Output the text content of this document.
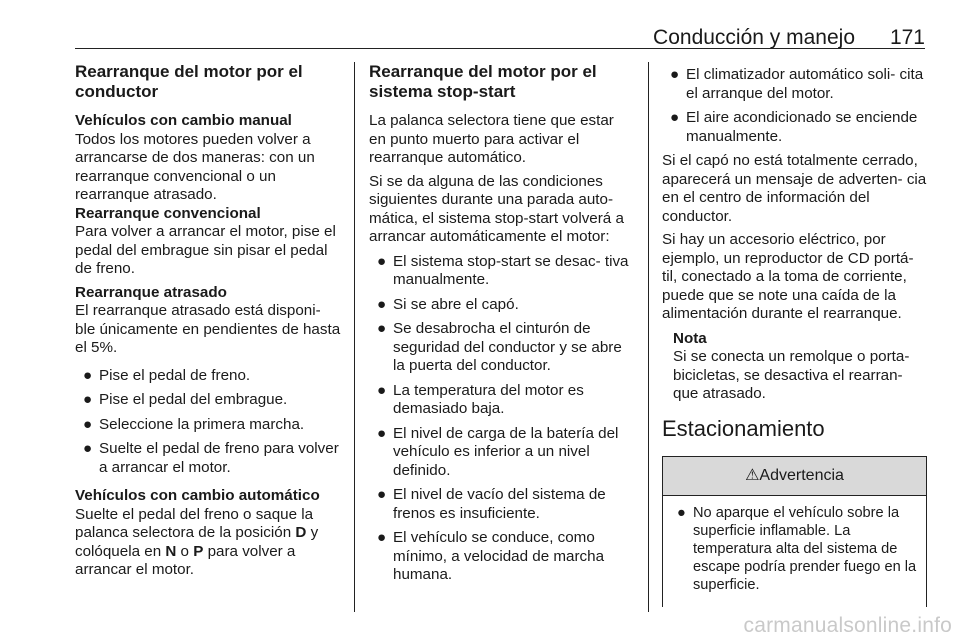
Conducción y manejo 171
Rearranque del motor por el conductor
Vehículos con cambio manual
Todos los motores pueden volver a arrancarse de dos maneras: con un rearranque convencional o un rearranque atrasado.
Rearranque convencional
Para volver a arrancar el motor, pise el pedal del embrague sin pisar el pedal de freno.
Rearranque atrasado
El rearranque atrasado está disponi- ble únicamente en pendientes de hasta el 5%.
● Pise el pedal de freno.
● Pise el pedal del embrague.
● Seleccione la primera marcha.
● Suelte el pedal de freno para volver a arrancar el motor.
Vehículos con cambio automático
Suelte el pedal del freno o saque la palanca selectora de la posición D y colóquela en N o P para volver a arrancar el motor.
Rearranque del motor por el sistema stop-start
La palanca selectora tiene que estar en punto muerto para activar el rearranque automático.
Si se da alguna de las condiciones siguientes durante una parada auto- mática, el sistema stop-start volverá a arrancar automáticamente el motor:
● El sistema stop-start se desac- tiva manualmente.
● Si se abre el capó.
● Se desabrocha el cinturón de seguridad del conductor y se abre la puerta del conductor.
● La temperatura del motor es demasiado baja.
● El nivel de carga de la batería del vehículo es inferior a un nivel definido.
● El nivel de vacío del sistema de frenos es insuficiente.
● El vehículo se conduce, como mínimo, a velocidad de marcha humana.
● El climatizador automático soli- cita el arranque del motor.
● El aire acondicionado se enciende manualmente.
Si el capó no está totalmente cerrado, aparecerá un mensaje de adverten- cia en el centro de información del conductor.
Si hay un accesorio eléctrico, por ejemplo, un reproductor de CD portá- til, conectado a la toma de corriente, puede que se note una caída de la alimentación durante el rearranque.
Nota
Si se conecta un remolque o porta- bicicletas, se desactiva el rearran- que atrasado.
Estacionamiento
⚠Advertencia
● No aparque el vehículo sobre la superficie inflamable. La temperatura alta del sistema de escape podría prender fuego en la superficie.
carmanualsonline.info
